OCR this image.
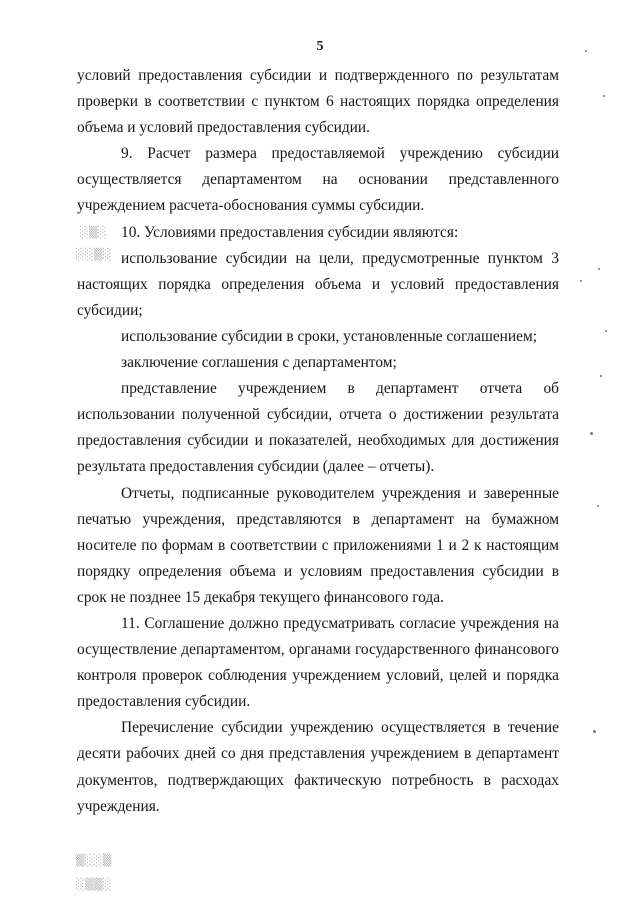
5

условий предоставления субсидии и подтвержденного по результатам проверки в соответствии с пунктом 6 настоящих порядка определения объема и условий предоставления субсидии.

9. Расчет размера предоставляемой учреждению субсидии осуществляется департаментом на основании представленного учреждением расчета-обоснования суммы субсидии.

10. Условиями предоставления субсидии являются:

использование субсидии на цели, предусмотренные пунктом 3 настоящих порядка определения объема и условий предоставления субсидии;

использование субсидии в сроки, установленные соглашением;

заключение соглашения с департаментом;

представление учреждением в департамент отчета об использовании полученной субсидии, отчета о достижении результата предоставления субсидии и показателей, необходимых для достижения результата предоставления субсидии (далее – отчеты).

Отчеты, подписанные руководителем учреждения и заверенные печатью учреждения, представляются в департамент на бумажном носителе по формам в соответствии с приложениями 1 и 2 к настоящим порядку определения объема и условиям предоставления субсидии в срок не позднее 15 декабря текущего финансового года.

11. Соглашение должно предусматривать согласие учреждения на осуществление департаментом, органами государственного финансового контроля проверок соблюдения учреждением условий, целей и порядка предоставления субсидии.

Перечисление субсидии учреждению осуществляется в течение десяти рабочих дней со дня представления учреждением в департамент документов, подтверждающих фактическую потребность в расходах учреждения.

░▒░
░░▒░
▒░░▒
░▒▒░
